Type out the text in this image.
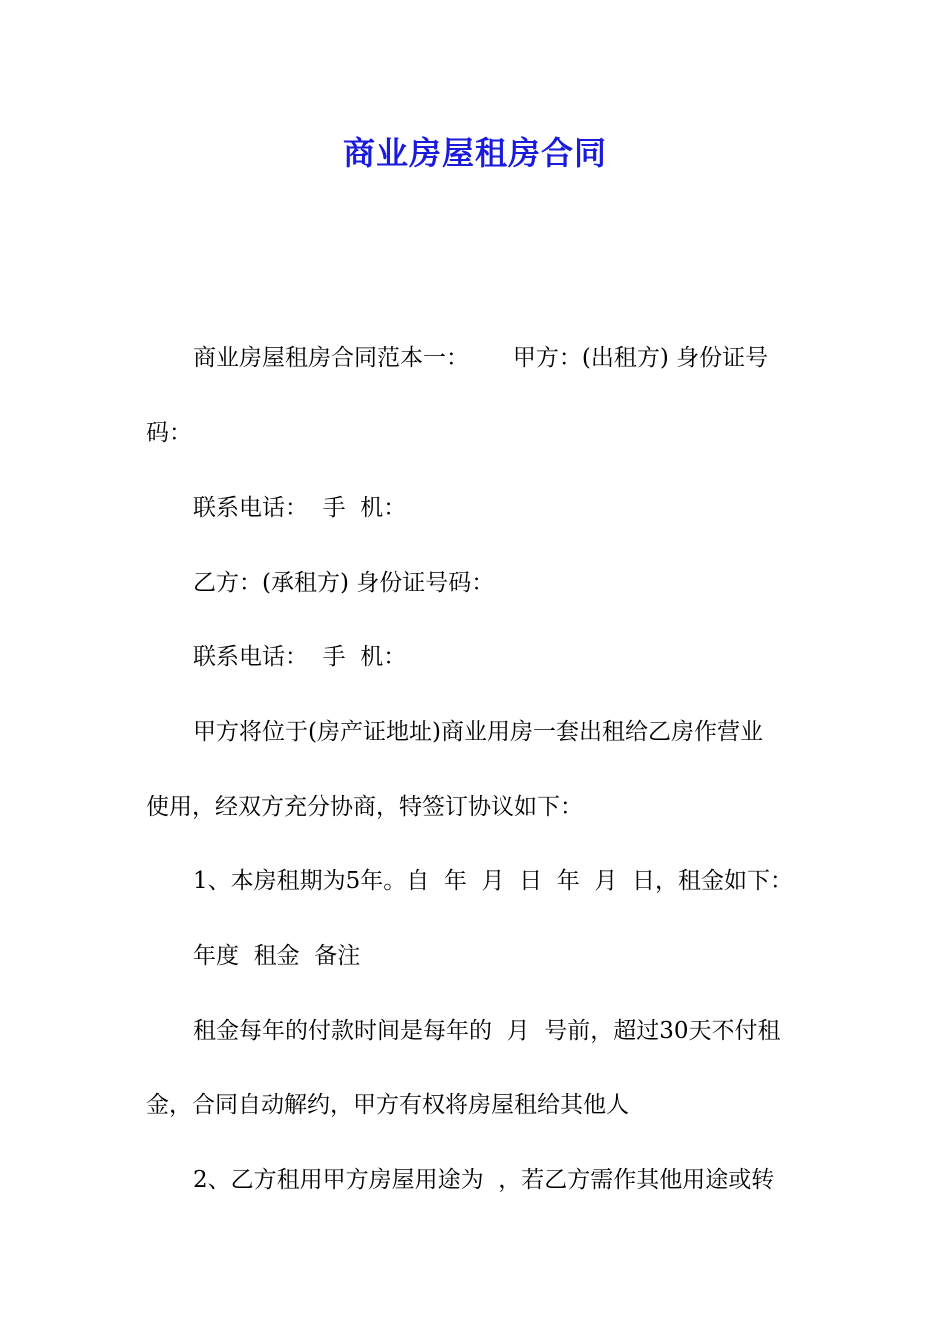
商业房屋租房合同
商业房屋租房合同范本一：      甲方：(出租方) 身份证号
码：
联系电话：  手  机：
乙方：(承租方) 身份证号码：
联系电话：  手  机：
甲方将位于(房产证地址)商业用房一套出租给乙房作营业
使用，经双方充分协商，特签订协议如下：
1、本房租期为5年。自  年  月  日  年  月  日，租金如下：
年度  租金  备注
租金每年的付款时间是每年的  月  号前，超过30天不付租
金，合同自动解约，甲方有权将房屋租给其他人
2、乙方租用甲方房屋用途为  ，若乙方需作其他用途或转
